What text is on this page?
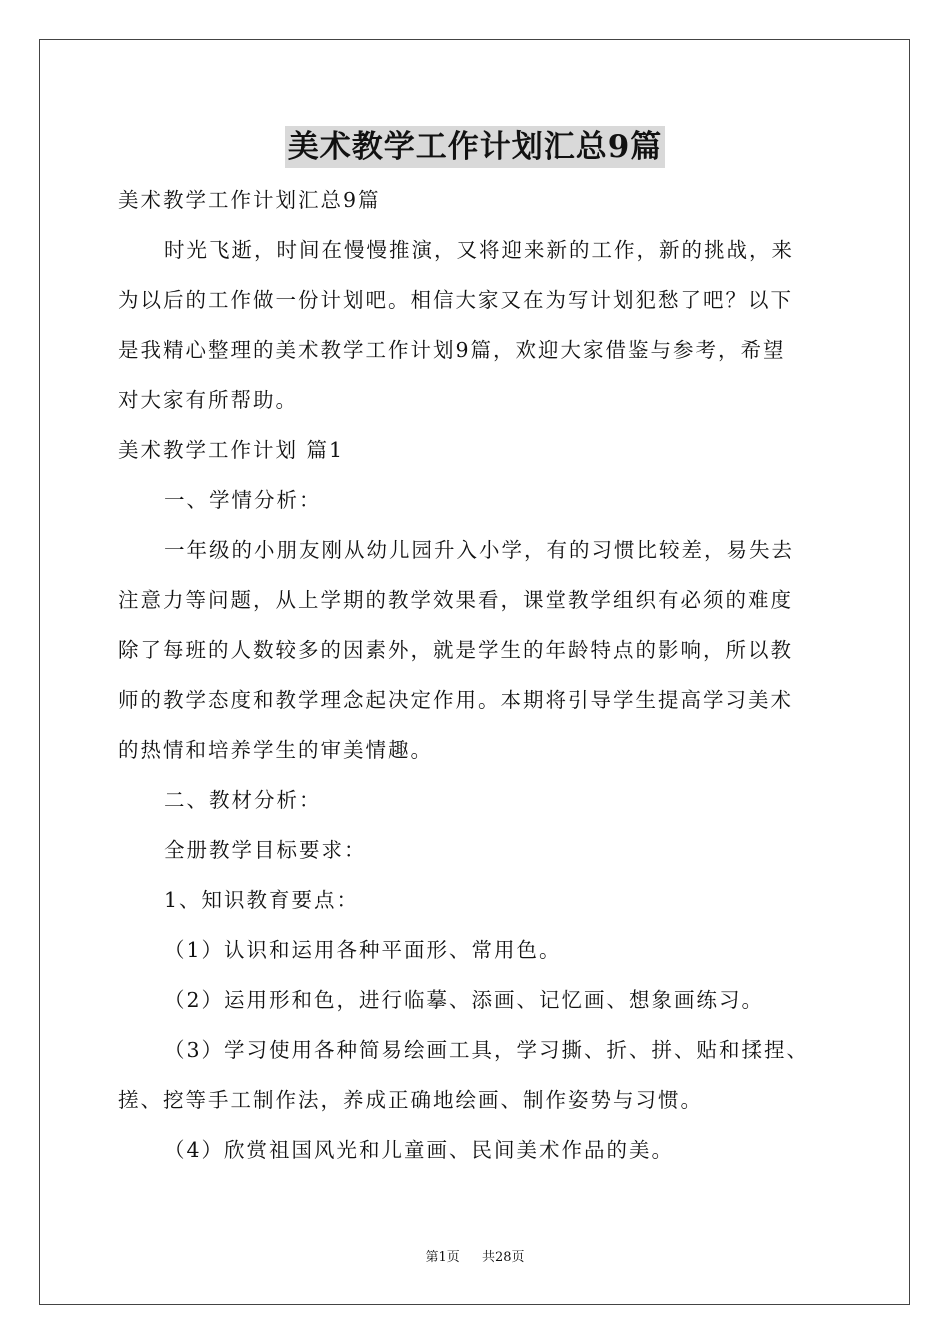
美术教学工作计划汇总9篇
美术教学工作计划汇总9篇
时光飞逝，时间在慢慢推演，又将迎来新的工作，新的挑战，来
为以后的工作做一份计划吧。相信大家又在为写计划犯愁了吧？以下
是我精心整理的美术教学工作计划9篇，欢迎大家借鉴与参考，希望
对大家有所帮助。
美术教学工作计划 篇1
一、学情分析：
一年级的小朋友刚从幼儿园升入小学，有的习惯比较差，易失去
注意力等问题，从上学期的教学效果看，课堂教学组织有必须的难度
除了每班的人数较多的因素外，就是学生的年龄特点的影响，所以教
师的教学态度和教学理念起决定作用。本期将引导学生提高学习美术
的热情和培养学生的审美情趣。
二、教材分析：
全册教学目标要求：
1、知识教育要点：
（1）认识和运用各种平面形、常用色。
（2）运用形和色，进行临摹、添画、记忆画、想象画练习。
（3）学习使用各种简易绘画工具，学习撕、折、拼、贴和揉捏、
搓、挖等手工制作法，养成正确地绘画、制作姿势与习惯。
（4）欣赏祖国风光和儿童画、民间美术作品的美。
第1页 共28页
